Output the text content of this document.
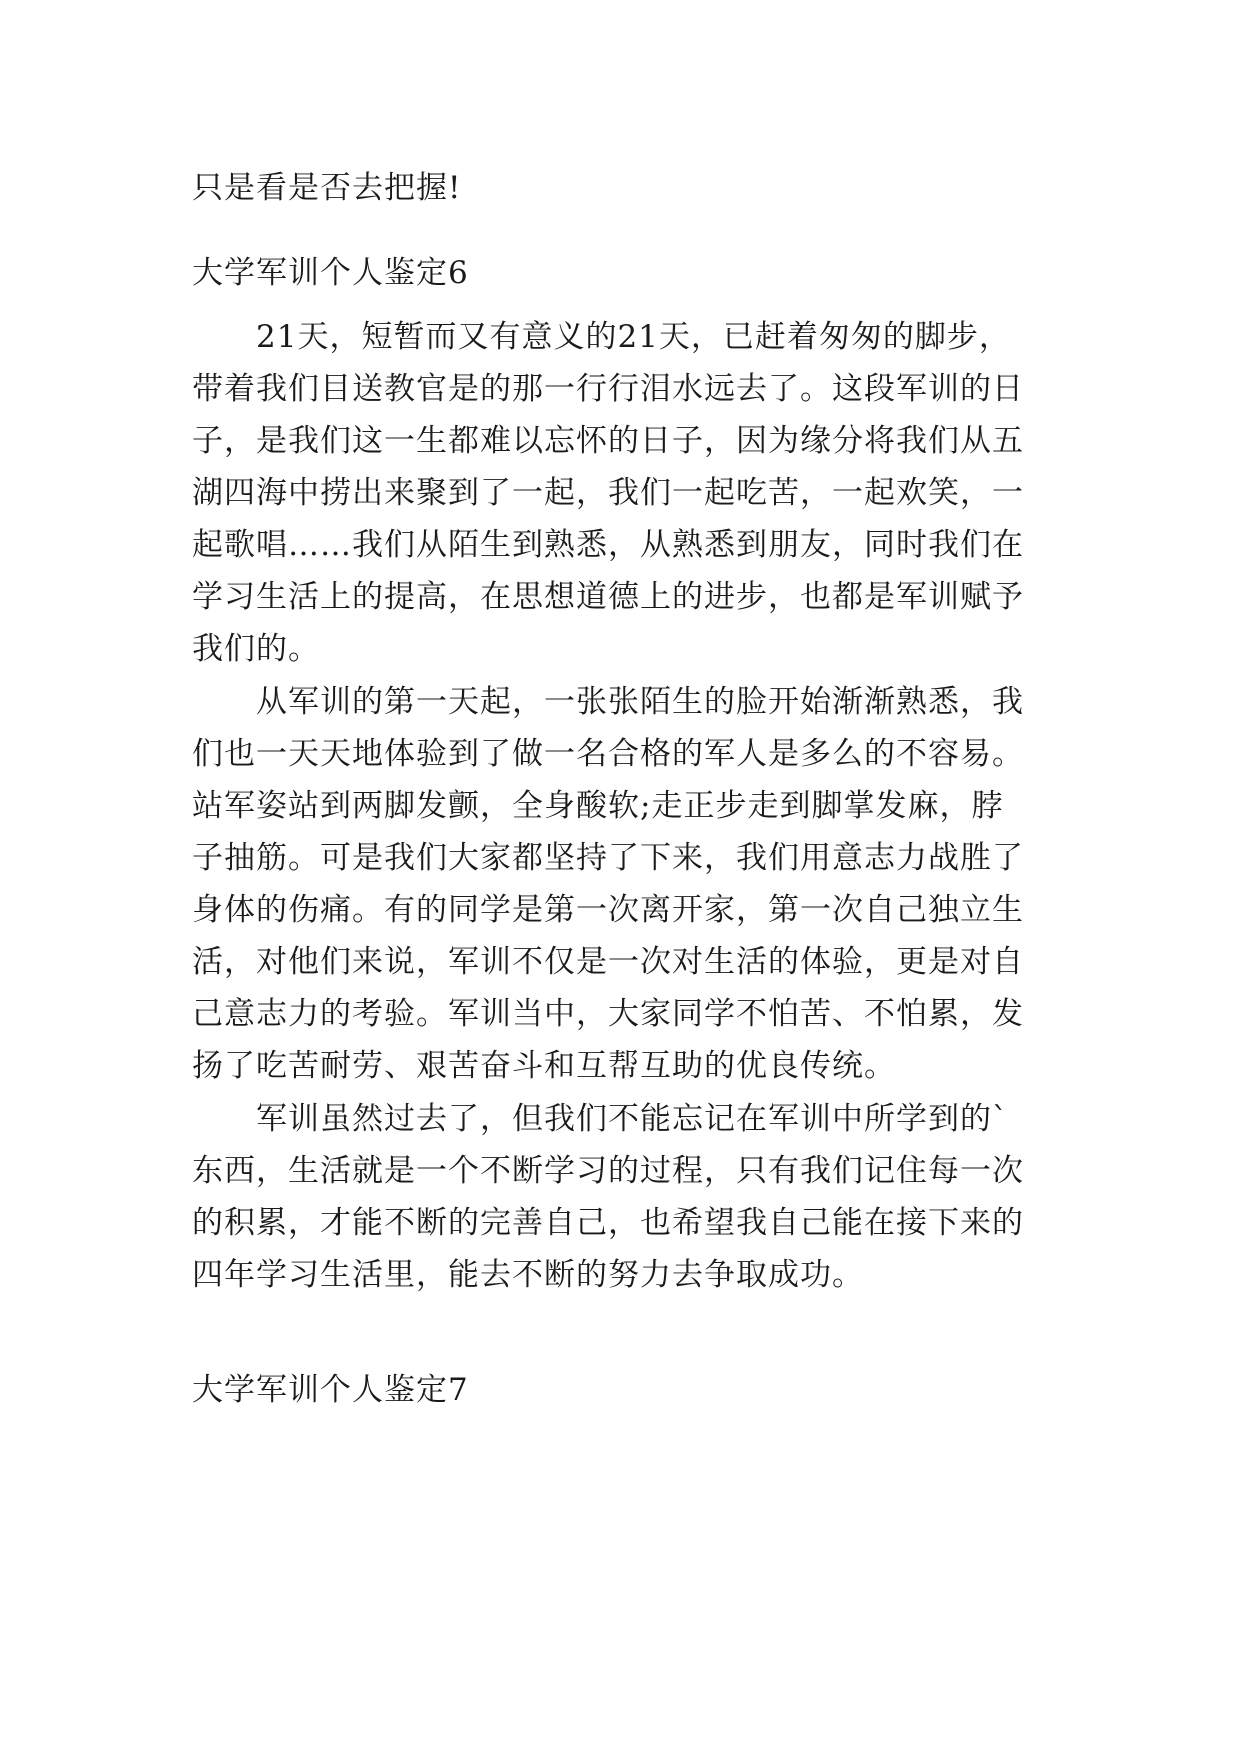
只是看是否去把握!
大学军训个人鉴定6
21天，短暂而又有意义的21天，已赶着匆匆的脚步，
带着我们目送教官是的那一行行泪水远去了。这段军训的日
子，是我们这一生都难以忘怀的日子，因为缘分将我们从五
湖四海中捞出来聚到了一起，我们一起吃苦，一起欢笑，一
起歌唱……我们从陌生到熟悉，从熟悉到朋友，同时我们在
学习生活上的提高，在思想道德上的进步，也都是军训赋予
我们的。
从军训的第一天起，一张张陌生的脸开始渐渐熟悉，我
们也一天天地体验到了做一名合格的军人是多么的不容易。
站军姿站到两脚发颤，全身酸软;走正步走到脚掌发麻，脖
子抽筋。可是我们大家都坚持了下来，我们用意志力战胜了
身体的伤痛。有的同学是第一次离开家，第一次自己独立生
活，对他们来说，军训不仅是一次对生活的体验，更是对自
己意志力的考验。军训当中，大家同学不怕苦、不怕累，发
扬了吃苦耐劳、艰苦奋斗和互帮互助的优良传统。
军训虽然过去了，但我们不能忘记在军训中所学到的`
东西，生活就是一个不断学习的过程，只有我们记住每一次
的积累，才能不断的完善自己，也希望我自己能在接下来的
四年学习生活里，能去不断的努力去争取成功。
大学军训个人鉴定7
